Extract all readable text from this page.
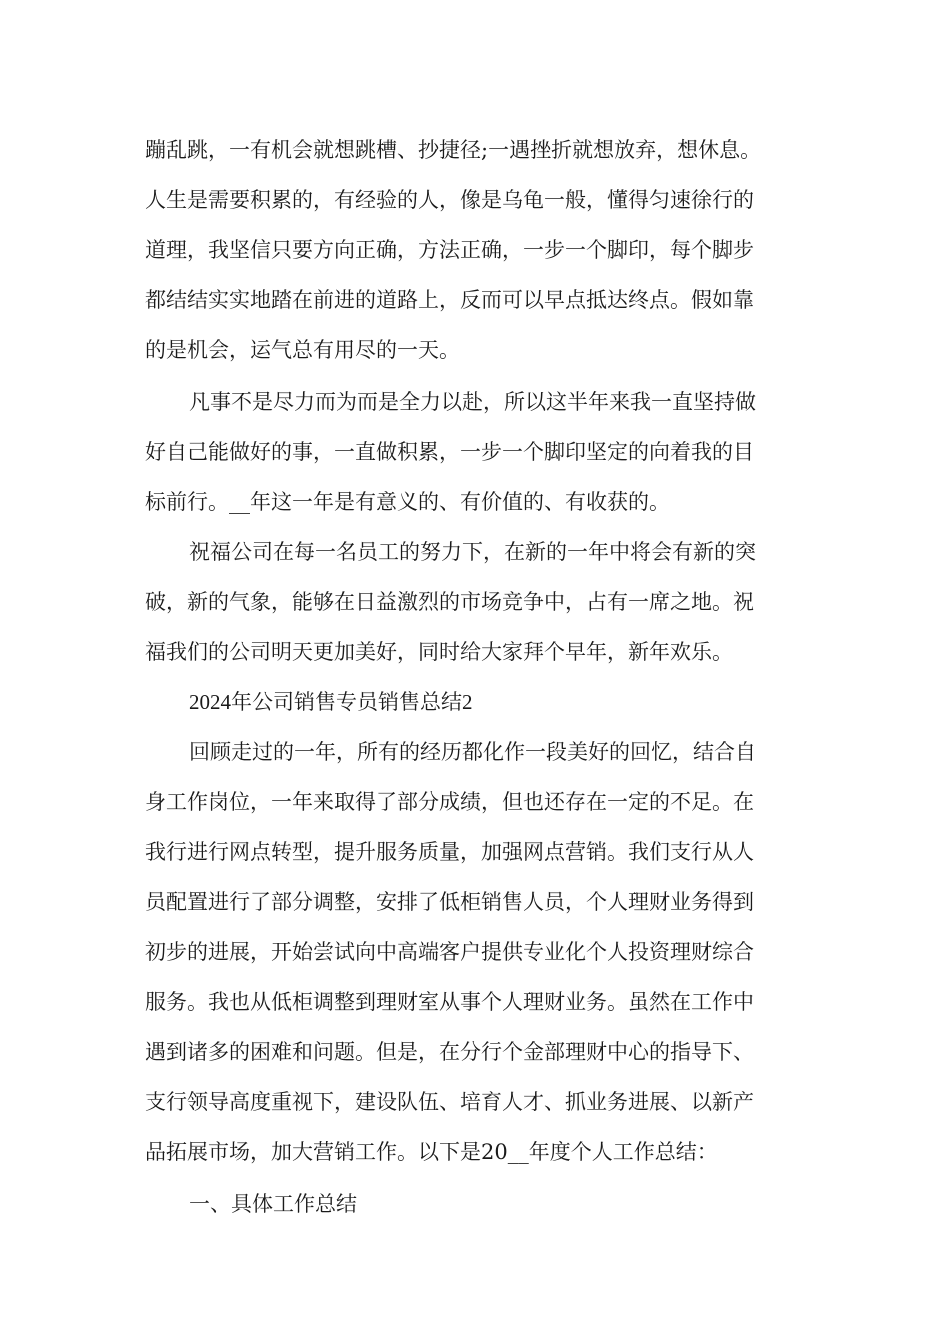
蹦乱跳，一有机会就想跳槽、抄捷径;一遇挫折就想放弃，想休息。
人生是需要积累的，有经验的人，像是乌龟一般，懂得匀速徐行的
道理，我坚信只要方向正确，方法正确，一步一个脚印，每个脚步
都结结实实地踏在前进的道路上，反而可以早点抵达终点。假如靠
的是机会，运气总有用尽的一天。
凡事不是尽力而为而是全力以赴，所以这半年来我一直坚持做
好自己能做好的事，一直做积累，一步一个脚印坚定的向着我的目
标前行。__年这一年是有意义的、有价值的、有收获的。
祝福公司在每一名员工的努力下，在新的一年中将会有新的突
破，新的气象，能够在日益激烈的市场竞争中，占有一席之地。祝
福我们的公司明天更加美好，同时给大家拜个早年，新年欢乐。
2024年公司销售专员销售总结2
回顾走过的一年，所有的经历都化作一段美好的回忆，结合自
身工作岗位，一年来取得了部分成绩，但也还存在一定的不足。在
我行进行网点转型，提升服务质量，加强网点营销。我们支行从人
员配置进行了部分调整，安排了低柜销售人员，个人理财业务得到
初步的进展，开始尝试向中高端客户提供专业化个人投资理财综合
服务。我也从低柜调整到理财室从事个人理财业务。虽然在工作中
遇到诸多的困难和问题。但是，在分行个金部理财中心的指导下、
支行领导高度重视下，建设队伍、培育人才、抓业务进展、以新产
品拓展市场，加大营销工作。以下是20__年度个人工作总结：
一、具体工作总结
